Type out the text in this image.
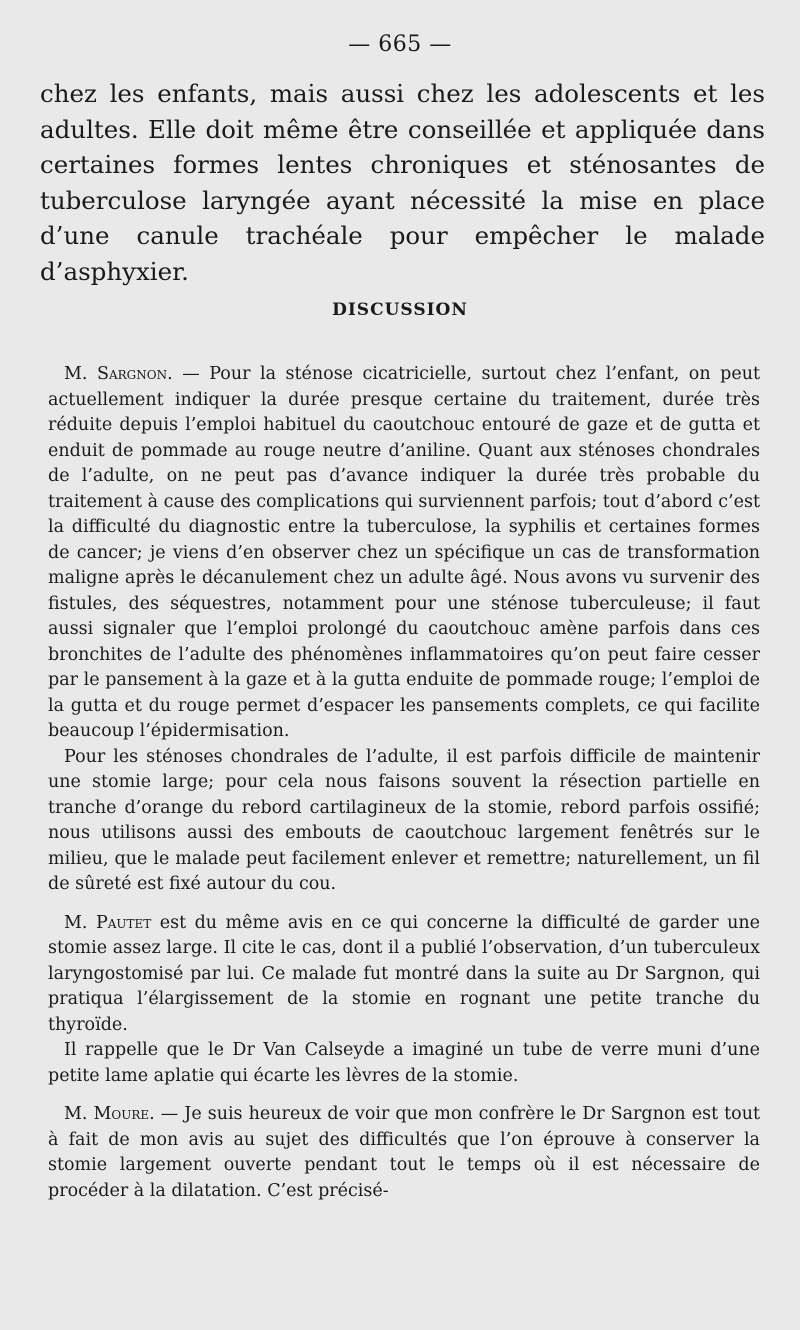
— 665 —
chez les enfants, mais aussi chez les adolescents et les adultes. Elle doit même être conseillée et appliquée dans certaines formes lentes chroniques et sténosantes de tuberculose laryngée ayant nécessité la mise en place d’une canule trachéale pour empêcher le malade d’asphyxier.
DISCUSSION

M. Sargnon. — Pour la sténose cicatricielle, surtout chez l’enfant, on peut actuellement indiquer la durée presque certaine du traitement, durée très réduite depuis l’emploi habituel du caoutchouc entouré de gaze et de gutta et enduit de pommade au rouge neutre d’aniline. Quant aux sténoses chondrales de l’adulte, on ne peut pas d’avance indiquer la durée très probable du traitement à cause des complications qui surviennent parfois; tout d’abord c’est la difficulté du diagnostic entre la tuberculose, la syphilis et certaines formes de cancer; je viens d’en observer chez un spécifique un cas de transformation maligne après le décanulement chez un adulte âgé. Nous avons vu survenir des fistules, des séquestres, notamment pour une sténose tuberculeuse; il faut aussi signaler que l’emploi prolongé du caoutchouc amène parfois dans ces bronchites de l’adulte des phénomènes inflammatoires qu’on peut faire cesser par le pansement à la gaze et à la gutta enduite de pommade rouge; l’emploi de la gutta et du rouge permet d’espacer les pansements complets, ce qui facilite beaucoup l’épidermisation.

Pour les sténoses chondrales de l’adulte, il est parfois difficile de maintenir une stomie large; pour cela nous faisons souvent la résection partielle en tranche d’orange du rebord cartilagineux de la stomie, rebord parfois ossifié; nous utilisons aussi des embouts de caoutchouc largement fenêtrés sur le milieu, que le malade peut facilement enlever et remettre; naturellement, un fil de sûreté est fixé autour du cou.

M. Pautet est du même avis en ce qui concerne la difficulté de garder une stomie assez large. Il cite le cas, dont il a publié l’observation, d’un tuberculeux laryngostomisé par lui. Ce malade fut montré dans la suite au Dr Sargnon, qui pratiqua l’élargissement de la stomie en rognant une petite tranche du thyroïde.

Il rappelle que le Dr Van Calseyde a imaginé un tube de verre muni d’une petite lame aplatie qui écarte les lèvres de la stomie.

M. Moure. — Je suis heureux de voir que mon confrère le Dr Sargnon est tout à fait de mon avis au sujet des difficultés que l’on éprouve à conserver la stomie largement ouverte pendant tout le temps où il est nécessaire de procéder à la dilatation. C’est précisé-
